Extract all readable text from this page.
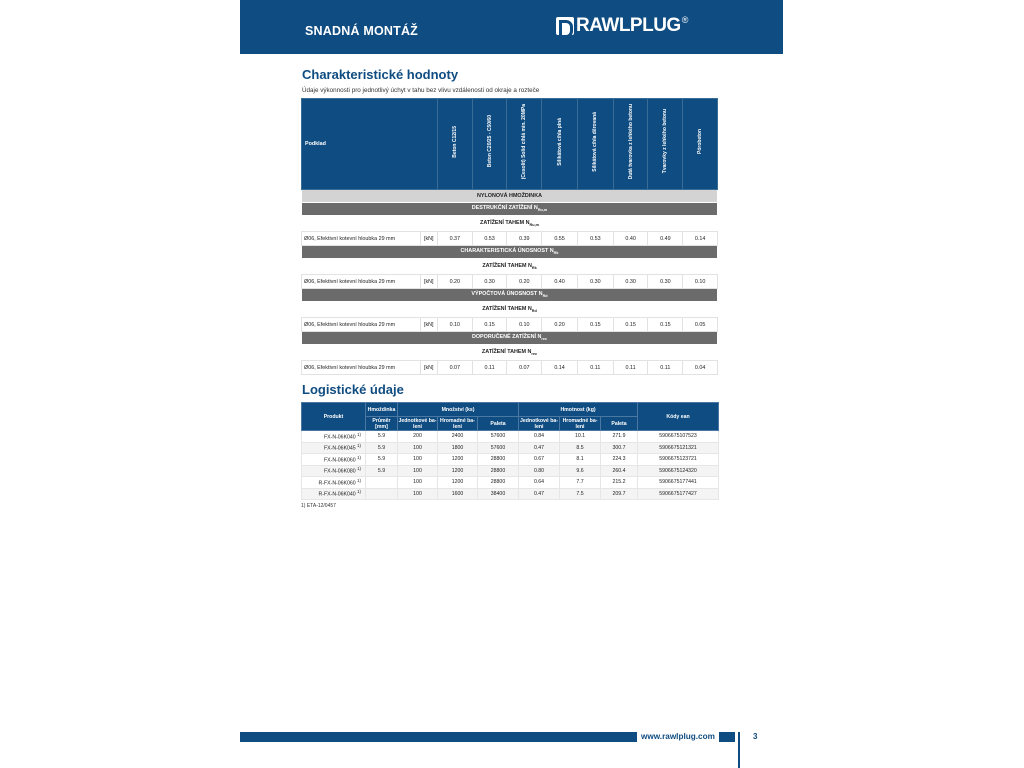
SNADNÁ MONTÁŽ	RAWLPLUG ®
Charakteristické hodnoty
Údaje výkonnosti pro jednotlivý úchyt v tahu bez vlivu vzdálenosti od okraje a rozteče
Podklad		Beton C12/15	Beton C20/25 - C50/60	(Cesolit) Solid cihlá min. 20MPa	Silikátová cihla plná	Silikátová cihla děrovaná	Dutá tvarovka z lehkého betonu	Tvarovky z lehkého betonu	Pórobeton
NYLONOVÁ HMOŽDINKA									
DESTRUKČNÍ ZATÍŽENÍ $N_{Ru,m}$
ZATÍŽENÍ TAHEM $N_{Ru,m}$
Ø06, Efektivní kotevní hloubka 29 mm	[kN]	0.37	0.53	0.39	0.55	0.53	0.40	0.49	0.14
CHARAKTERISTICKÁ ÚNOSNOST $N_{Rk}$
ZATÍŽENÍ TAHEM $N_{Rk}$
Ø06, Efektivní kotevní hloubka 29 mm	[kN]	0.20	0.30	0.20	0.40	0.30	0.30	0.30	0.10
VÝPOČTOVÁ ÚNOSNOST $N_{Rd}$
ZATÍŽENÍ TAHEM $N_{Rd}$
Ø06, Efektivní kotevní hloubka 29 mm	[kN]	0.10	0.15	0.10	0.20	0.15	0.15	0.15	0.05
DOPORUČENÉ ZATÍŽENÍ $N_{rec}$
ZATÍŽENÍ TAHEM $N_{rec}$
Ø06, Efektivní kotevní hloubka 29 mm	[kN]	0.07	0.11	0.07	0.14	0.11	0.11	0.11	0.04
Logistické údaje
Produkt	Hmoždinka	Množství (ks)			Hmotnost (kg)			Kódy ean
	Průměr [mm]	Jednotkové ba-leni	Hromadné ba-leni	Paleta	Jednotkové ba-leni	Hromadné ba-leni	Paleta	
FX-N-06K040 $^{1)}$	5.9	200	2400	57600	0.84	10.1	271.9	5906675107523
FX-N-06K045 $^{1)}$	5.9	100	1800	57600	0.47	8.5	300.7	5906675121321
FX-N-06K060 $^{1)}$	5.9	100	1200	28800	0.67	8.1	224.3	5906675123721
FX-N-06K080 $^{1)}$	5.9	100	1200	28800	0.80	9.6	260.4	5906675124320
R-FX-N-06K060 $^{1)}$		100	1200	28800	0.64	7.7	215.2	5906675177441
R-FX-N-06K040 $^{1)}$		100	1600	38400	0.47	7.5	209.7	5906675177427
1) ETA-12/0457
www.rawlplug.com	3
